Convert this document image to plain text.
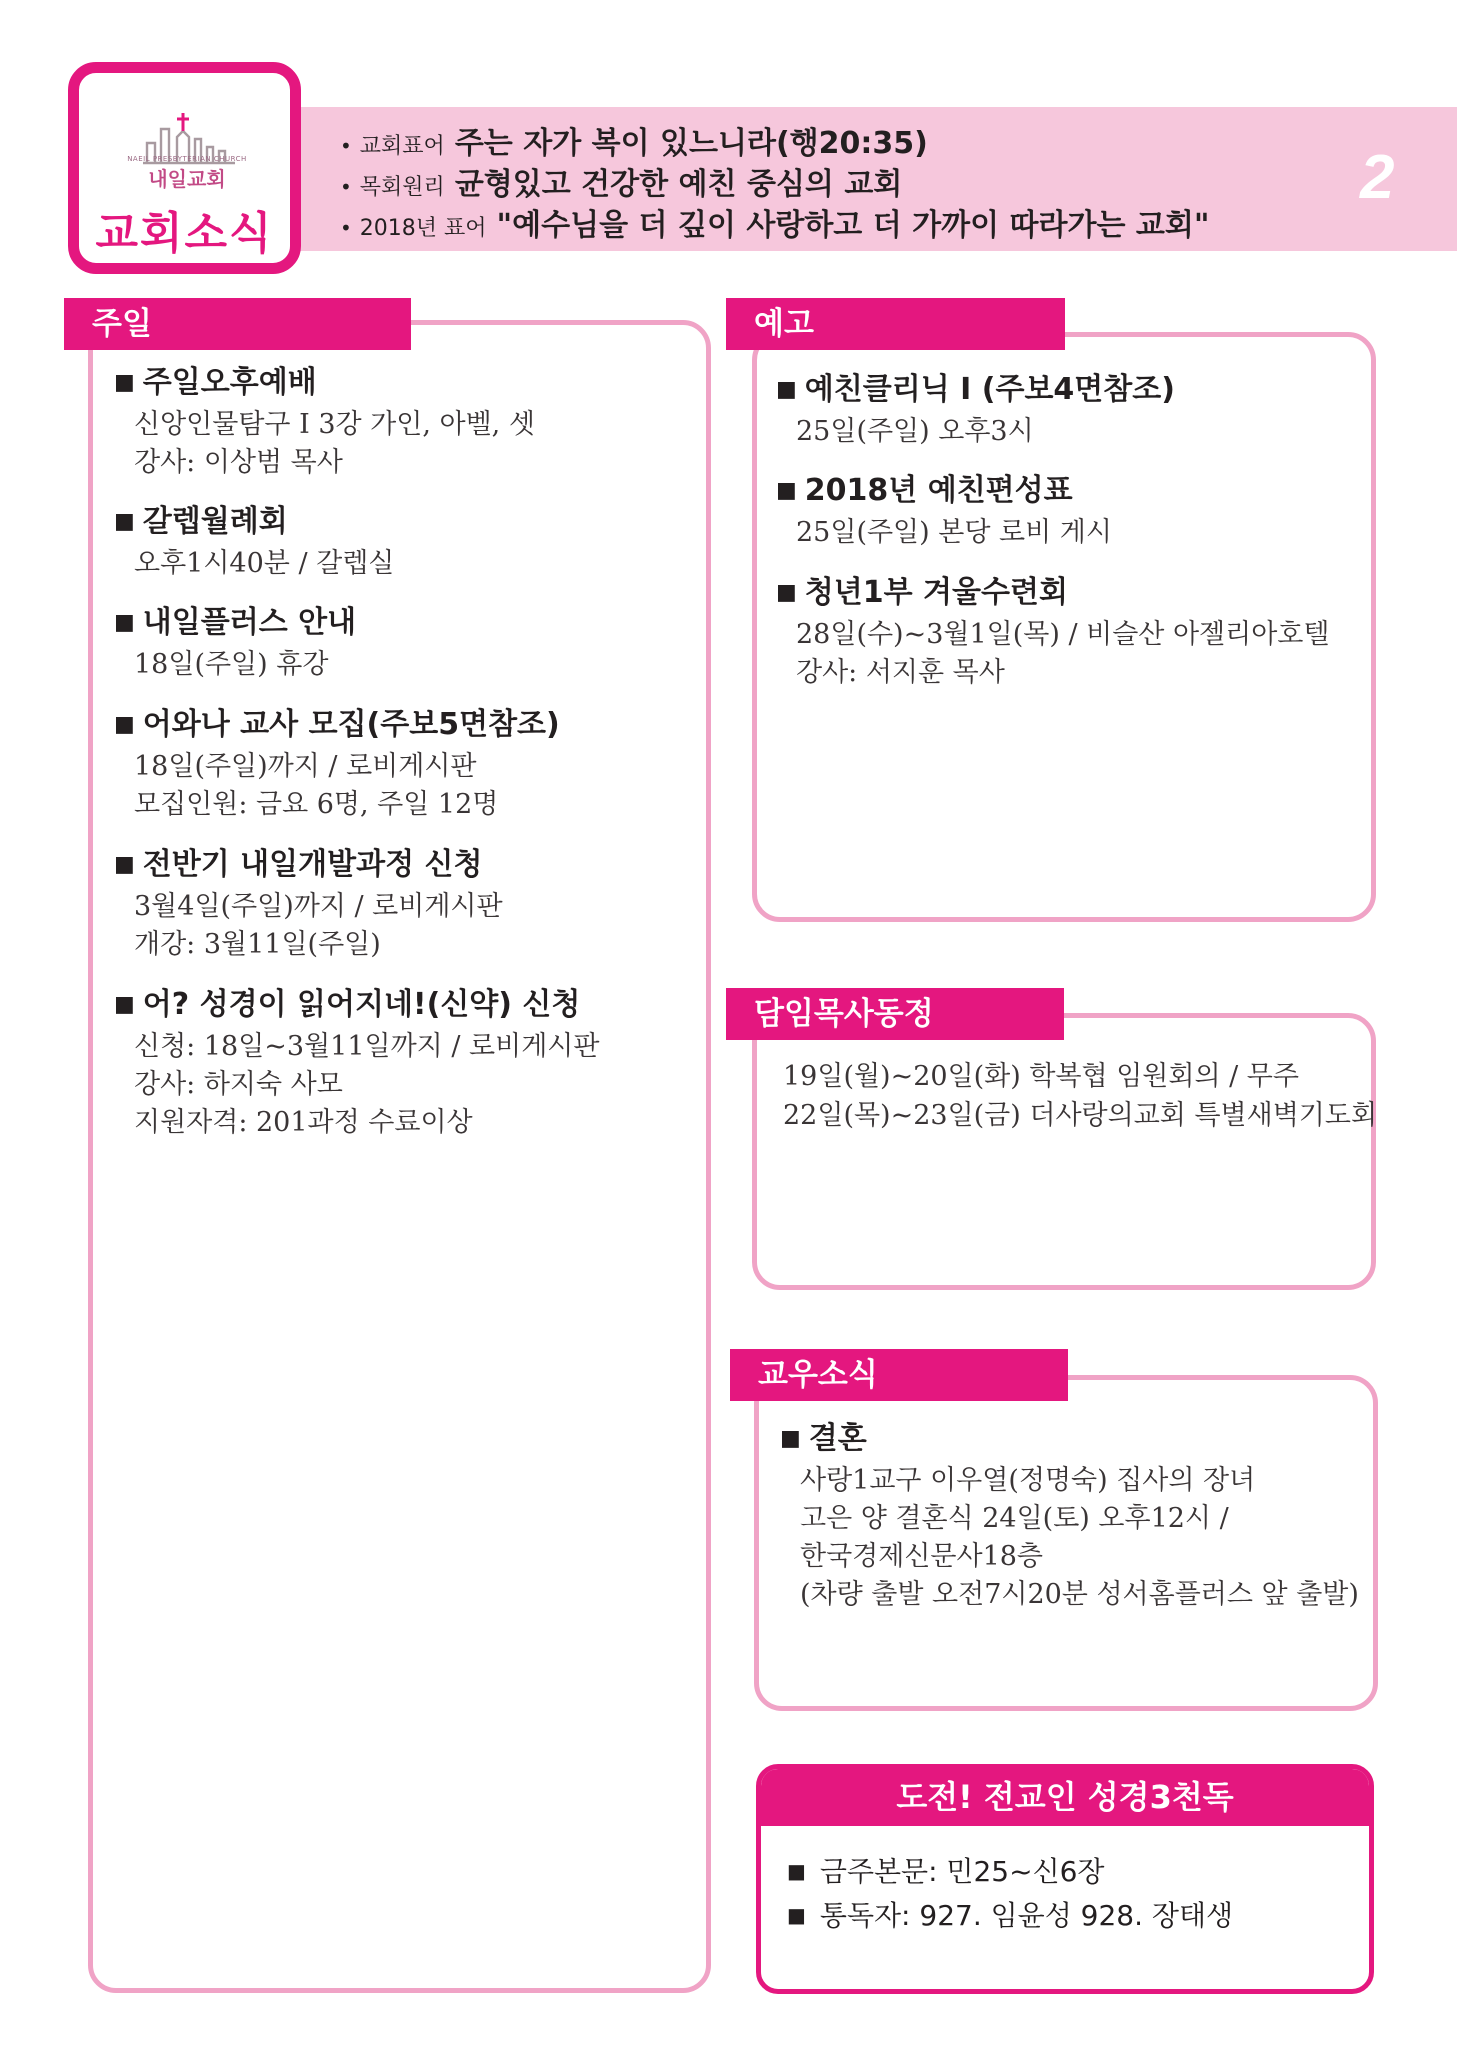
• 교회표어 주는 자가 복이 있느니라(행20:35)
• 목회원리 균형있고 건강한 예친 중심의 교회
• 2018년 표어 "예수님을 더 깊이 사랑하고 더 가까이 따라가는 교회"
2
NAEIL PRESBYTERIAN CHURCH
내일교회
교회소식
주일
■ 주일오후예배
신앙인물탐구 I 3강 가인, 아벨, 셋
강사: 이상범 목사
■ 갈렙월례회
오후1시40분 / 갈렙실
■ 내일플러스 안내
18일(주일) 휴강
■ 어와나 교사 모집(주보5면참조)
18일(주일)까지 / 로비게시판
모집인원: 금요 6명, 주일 12명
■ 전반기 내일개발과정 신청
3월4일(주일)까지 / 로비게시판
개강: 3월11일(주일)
■ 어? 성경이 읽어지네!(신약) 신청
신청: 18일~3월11일까지 / 로비게시판
강사: 하지숙 사모
지원자격: 201과정 수료이상
예고
■ 예친클리닉 I (주보4면참조)
25일(주일) 오후3시
■ 2018년 예친편성표
25일(주일) 본당 로비 게시
■ 청년1부 겨울수련회
28일(수)~3월1일(목) / 비슬산 아젤리아호텔
강사: 서지훈 목사
담임목사동정
19일(월)~20일(화) 학복협 임원회의 / 무주
22일(목)~23일(금) 더사랑의교회 특별새벽기도회
교우소식
■ 결혼
사랑1교구 이우열(정명숙) 집사의 장녀
고은 양 결혼식 24일(토) 오후12시 /
한국경제신문사18층
(차량 출발 오전7시20분 성서홈플러스 앞 출발)
도전! 전교인 성경3천독
■ 금주본문: 민25~신6장
■ 통독자: 927. 임윤성 928. 장태생
